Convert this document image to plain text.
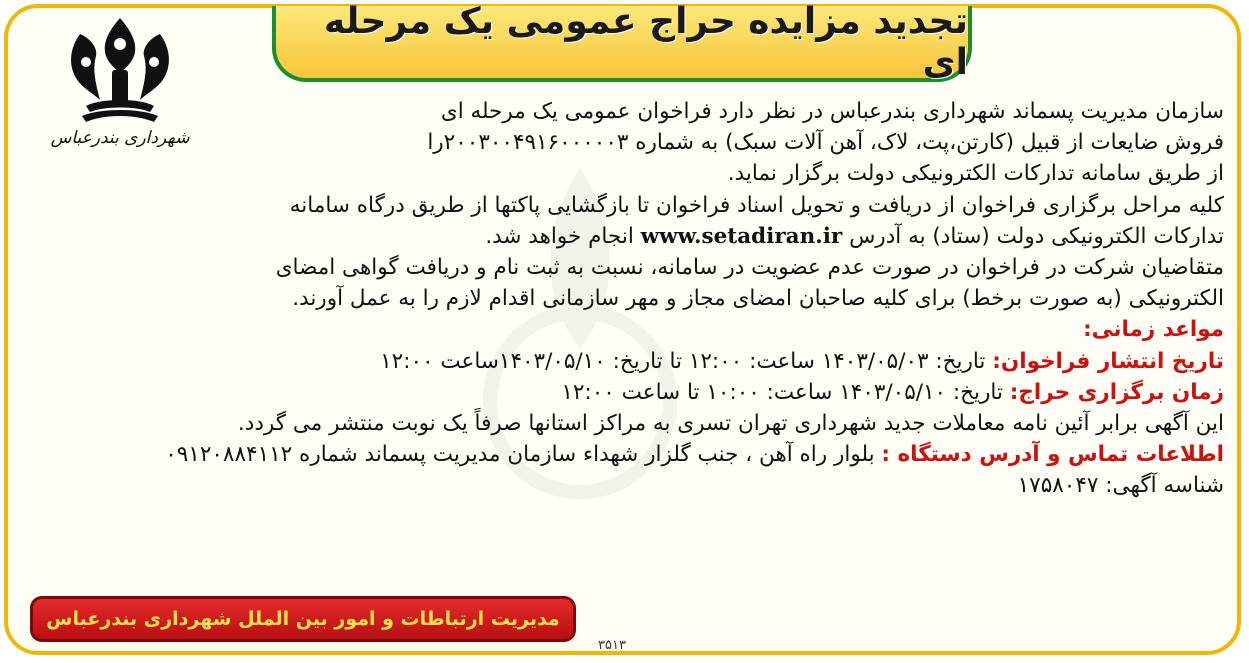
تجدید مزایده حراج عمومی یک مرحله ای
شهرداری بندرعباس
سازمان مدیریت پسماند شهرداری بندرعباس در نظر دارد فراخوان عمومی یک مرحله ای
فروش ضایعات از قبیل (کارتن،پت، لاک، آهن آلات سبک) به شماره ۲۰۰۳۰۰۴۹۱۶۰۰۰۰۰۳را
از طریق سامانه تدارکات الکترونیکی دولت برگزار نماید.
کلیه مراحل برگزاری فراخوان از دریافت و تحویل اسناد فراخوان تا بازگشایی پاکتها از طریق درگاه سامانه
تدارکات الکترونیکی دولت (ستاد) به آدرس www.setadiran.ir انجام خواهد شد.
متقاضیان شرکت در فراخوان در صورت عدم عضویت در سامانه، نسبت به ثبت نام و دریافت گواهی امضای
الکترونیکی (به صورت برخط) برای کلیه صاحبان امضای مجاز و مهر سازمانی اقدام لازم را به عمل آورند.
مواعد زمانی:
تاریخ انتشار فراخوان: تاریخ: ۱۴۰۳/۰۵/۰۳ ساعت: ۱۲:۰۰ تا تاریخ: ۱۴۰۳/۰۵/۱۰ساعت ۱۲:۰۰
زمان برگزاری حراج: تاریخ: ۱۴۰۳/۰۵/۱۰ ساعت: ۱۰:۰۰ تا ساعت ۱۲:۰۰
این آگهی برابر آئین نامه معاملات جدید شهرداری تهران تسری به مراکز استانها صرفاً یک نوبت منتشر می گردد.
اطلاعات تماس و آدرس دستگاه : بلوار راه آهن ، جنب گلزار شهداء سازمان مدیریت پسماند شماره ۰۹۱۲۰۸۸۴۱۱۲
شناسه آگهی: ۱۷۵۸۰۴۷
مدیریت ارتباطات و امور بین الملل شهرداری بندرعباس
۳۵۱۳
